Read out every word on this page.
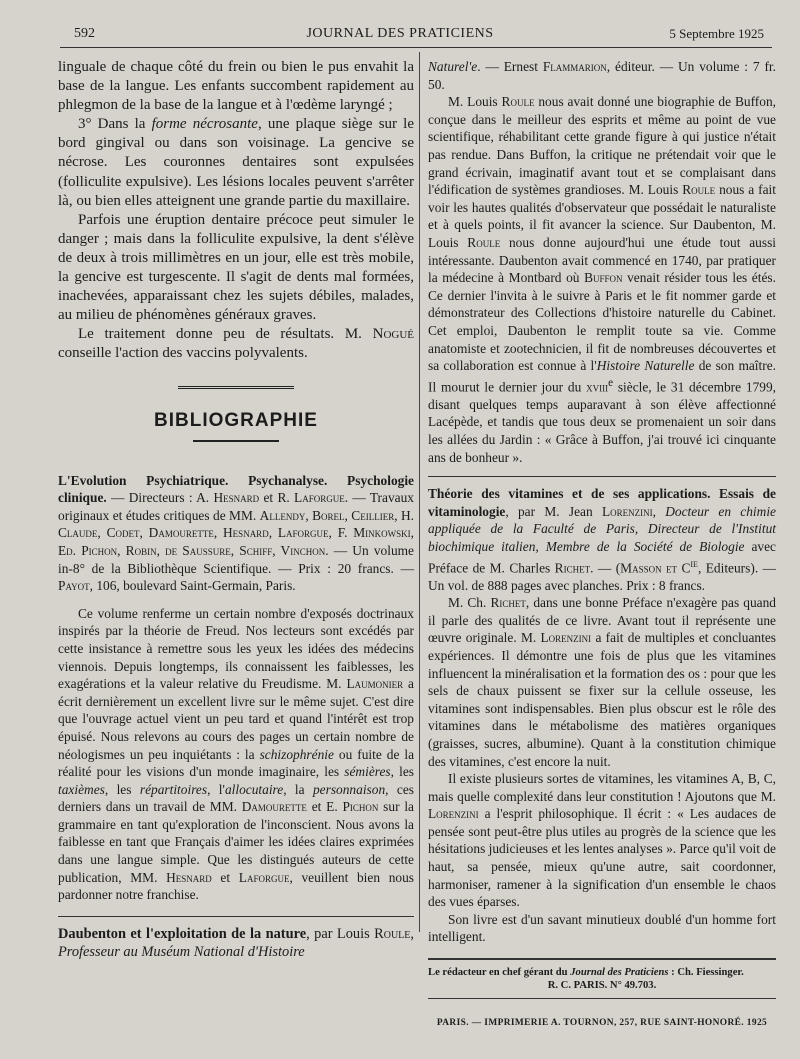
592	JOURNAL DES PRATICIENS	5 Septembre 1925

linguale de chaque côté du frein ou bien le pus envahit la base de la langue. Les enfants succombent rapidement au phlegmon de la base de la langue et à l'œdème laryngé ;

3° Dans la forme nécrosante, une plaque siège sur le bord gingival ou dans son voisinage. La gencive se nécrose. Les couronnes dentaires sont expulsées (folliculite expulsive). Les lésions locales peuvent s'arrêter là, ou bien elles atteignent une grande partie du maxillaire.

Parfois une éruption dentaire précoce peut simuler le danger ; mais dans la folliculite expulsive, la dent s'élève de deux à trois millimètres en un jour, elle est très mobile, la gencive est turgescente. Il s'agit de dents mal formées, inachevées, apparaissant chez les sujets débiles, malades, au milieu de phénomènes généraux graves.

Le traitement donne peu de résultats. M. Nogué conseille l'action des vaccins polyvalents.

BIBLIOGRAPHIE

L'Evolution Psychiatrique. Psychanalyse. Psychologie clinique. — Directeurs : A. Hesnard et R. Laforgue. — Travaux originaux et études critiques de MM. Allendy, Borel, Ceillier, H. Claude, Codet, Damourette, Hesnard, Laforgue, F. Minkowski, Ed. Pichon, Robin, de Saussure, Schiff, Vinchon. — Un volume in-8° de la Bibliothèque Scientifique. — Prix : 20 francs. — Payot, 106, boulevard Saint-Germain, Paris.

Ce volume renferme un certain nombre d'exposés doctrinaux inspirés par la théorie de Freud. Nos lecteurs sont excédés par cette insistance à remettre sous les yeux les idées des médecins viennois. Depuis longtemps, ils connaissent les faiblesses, les exagérations et la valeur relative du Freudisme. M. Laumonier a écrit dernièrement un excellent livre sur le même sujet. C'est dire que l'ouvrage actuel vient un peu tard et quand l'intérêt est trop épuisé. Nous relevons au cours des pages un certain nombre de néologismes un peu inquiétants : la schizophrénie ou fuite de la réalité pour les visions d'un monde imaginaire, les sémières, les taxièmes, les répartitoires, l'allocutaire, la personnaison, ces derniers dans un travail de MM. Damourette et E. Pichon sur la grammaire en tant qu'exploration de l'inconscient. Nous avons la faiblesse en tant que Français d'aimer les idées claires exprimées dans une langue simple. Que les distingués auteurs de cette publication, MM. Hesnard et Laforgue, veuillent bien nous pardonner notre franchise.

Daubenton et l'exploitation de la nature, par Louis Roule, Professeur au Muséum National d'Histoire

Naturel'e. — Ernest Flammarion, éditeur. — Un volume : 7 fr. 50.

M. Louis Roule nous avait donné une biographie de Buffon, conçue dans le meilleur des esprits et même au point de vue scientifique, réhabilitant cette grande figure à qui justice n'était pas rendue. Dans Buffon, la critique ne prétendait voir que le grand écrivain, imaginatif avant tout et se complaisant dans l'édification de systèmes grandioses. M. Louis Roule nous a fait voir les hautes qualités d'observateur que possédait le naturaliste et à quels points, il fit avancer la science. Sur Daubenton, M. Louis Roule nous donne aujourd'hui une étude tout aussi intéressante. Daubenton avait commencé en 1740, par pratiquer la médecine à Montbard où Buffon venait résider tous les étés. Ce dernier l'invita à le suivre à Paris et le fit nommer garde et démonstrateur des Collections d'histoire naturelle du Cabinet. Cet emploi, Daubenton le remplit toute sa vie. Comme anatomiste et zootechnicien, il fit de nombreuses découvertes et sa collaboration est connue à l'Histoire Naturelle de son maître. Il mourut le dernier jour du xviii$^e$ siècle, le 31 décembre 1799, disant quelques temps auparavant à son élève affectionné Lacépède, et tandis que tous deux se promenaient un soir dans les allées du Jardin : « Grâce à Buffon, j'ai trouvé ici cinquante ans de bonheur ».

Théorie des vitamines et de ses applications. Essais de vitaminologie, par M. Jean Lorenzini, Docteur en chimie appliquée de la Faculté de Paris, Directeur de l'Institut biochimique italien, Membre de la Société de Biologie avec Préface de M. Charles Richet. — (Masson et $C^{ie}$, Editeurs). — Un vol. de 888 pages avec planches. Prix : 8 francs.

M. Ch. Richet, dans une bonne Préface n'exagère pas quand il parle des qualités de ce livre. Avant tout il représente une œuvre originale. M. Lorenzini a fait de multiples et concluantes expériences. Il démontre une fois de plus que les vitamines influencent la minéralisation et la formation des os : pour que les sels de chaux puissent se fixer sur la cellule osseuse, les vitamines sont indispensables. Bien plus obscur est le rôle des vitamines dans le métabolisme des matières organiques (graisses, sucres, albumine). Quant à la constitution chimique des vitamines, c'est encore la nuit.

Il existe plusieurs sortes de vitamines, les vitamines A, B, C, mais quelle complexité dans leur constitution ! Ajoutons que M. Lorenzini a l'esprit philosophique. Il écrit : « Les audaces de pensée sont peut-être plus utiles au progrès de la science que les hésitations judicieuses et les lentes analyses ». Parce qu'il voit de haut, sa pensée, mieux qu'une autre, sait coordonner, harmoniser, ramener à la signification d'un ensemble le chaos des vues éparses.

Son livre est d'un savant minutieux doublé d'un homme fort intelligent.

Le rédacteur en chef gérant du Journal des Praticiens : Ch. Fiessinger.
R. C. PARIS. N° 49.703.
PARIS. — IMPRIMERIE A. TOURNON, 257, RUE SAINT-HONORÉ. 1925
